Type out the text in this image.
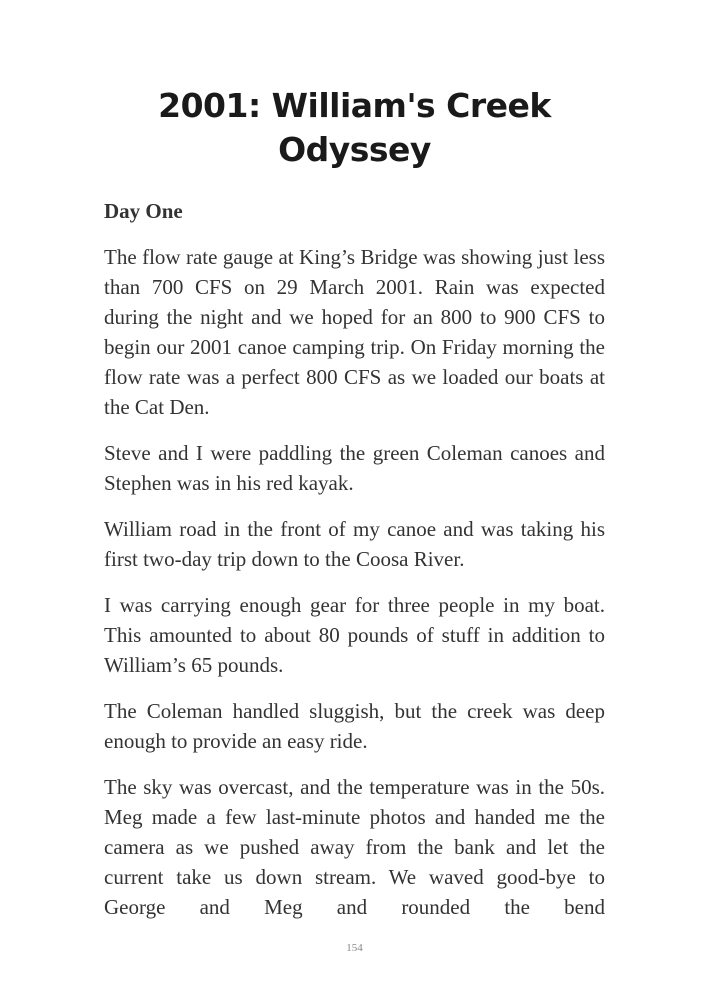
2001: William's Creek Odyssey
Day One

The flow rate gauge at King’s Bridge was showing just less than 700 CFS on 29 March 2001. Rain was expected during the night and we hoped for an 800 to 900 CFS to begin our 2001 canoe camping trip. On Friday morning the flow rate was a perfect 800 CFS as we loaded our boats at the Cat Den.

Steve and I were paddling the green Coleman canoes and Stephen was in his red kayak.

William road in the front of my canoe and was taking his first two-day trip down to the Coosa River.

I was carrying enough gear for three people in my boat. This amounted to about 80 pounds of stuff in addition to William’s 65 pounds.

The Coleman handled sluggish, but the creek was deep enough to provide an easy ride.

The sky was overcast, and the temperature was in the 50s. Meg made a few last-minute photos and handed me the camera as we pushed away from the bank and let the current take us down stream. We waved good-bye to George and Meg and rounded the bend

154
